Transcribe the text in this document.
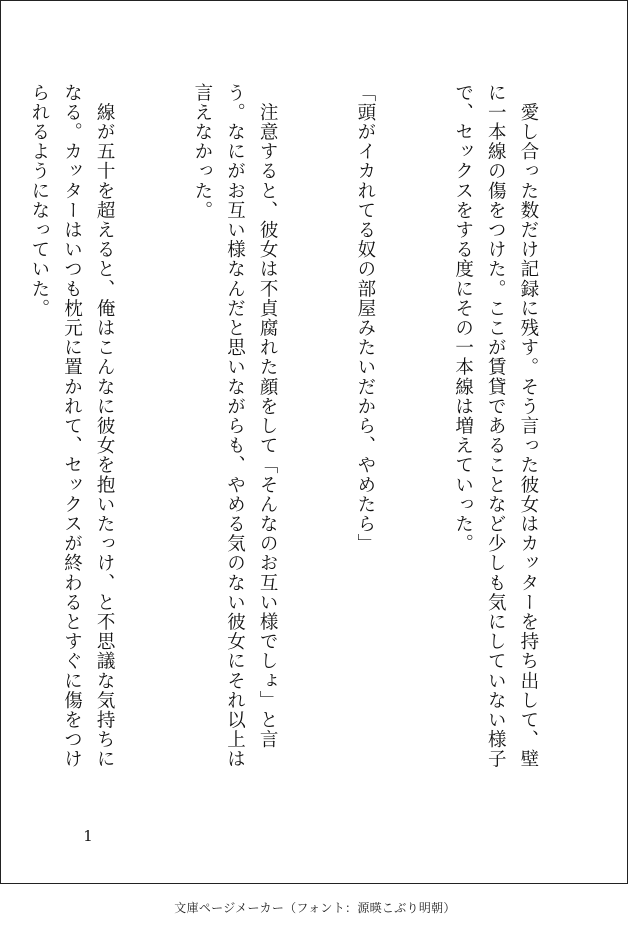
　愛し合った数だけ記録に残す。そう言った彼女はカッターを持ち出して、壁に一本線の傷をつけた。ここが賃貸であることなど少しも気にしていない様子で、セックスをする度にその一本線は増えていった。

「頭がイカれてる奴の部屋みたいだから、やめたら」

　注意すると、彼女は不貞腐れた顔をして「そんなのお互い様でしょ」と言う。なにがお互い様なんだと思いながらも、やめる気のない彼女にそれ以上は言えなかった。

　線が五十を超えると、俺はこんなに彼女を抱いたっけ、と不思議な気持ちになる。カッターはいつも枕元に置かれて、セックスが終わるとすぐに傷をつけられるようになっていた。

1
文庫ページメーカー（フォント：源暎こぶり明朝）
